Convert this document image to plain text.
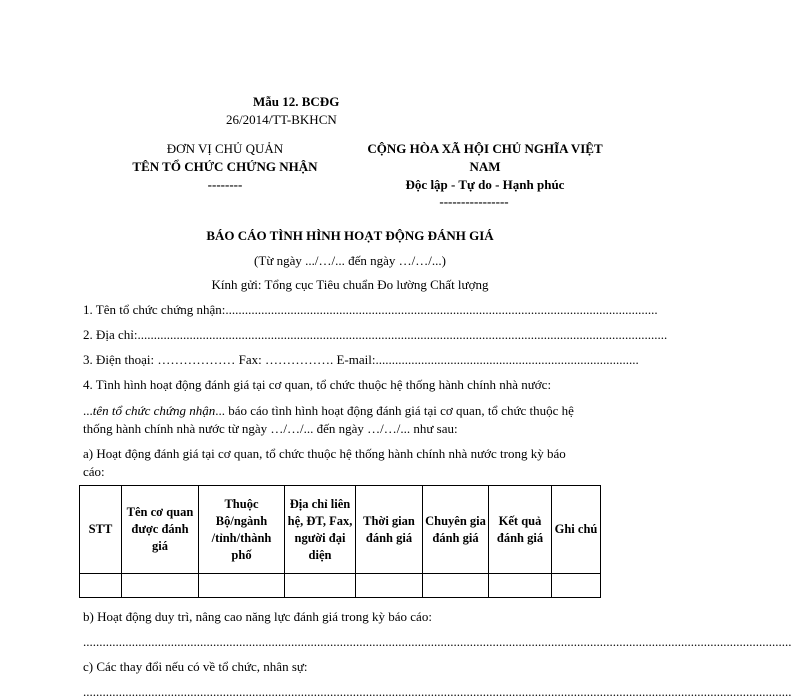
Mẫu 12. BCĐG
26/2014/TT-BKHCN
ĐƠN VỊ CHỦ QUẢN
TÊN TỔ CHỨC CHỨNG NHẬN
--------
CỘNG HÒA XÃ HỘI CHỦ NGHĨA VIỆT
NAM
Độc lập - Tự do - Hạnh phúc
----------------
BÁO CÁO TÌNH HÌNH HOẠT ĐỘNG ĐÁNH GIÁ
(Từ ngày .../…/... đến ngày …/…/...)
Kính gửi: Tổng cục Tiêu chuẩn Đo lường Chất lượng
1. Tên tổ chức chứng nhận:.....................................................................................................................................
2. Địa chỉ:...................................................................................................................................................................
3. Điện thoại: ……………… Fax: ……………. E-mail:.................................................................................
4. Tình hình hoạt động đánh giá tại cơ quan, tổ chức thuộc hệ thống hành chính nhà nước:
...tên tổ chức chứng nhận... báo cáo tình hình hoạt động đánh giá tại cơ quan, tổ chức thuộc hệ
thống hành chính nhà nước từ ngày …/…/... đến ngày …/…/... như sau:
a) Hoạt động đánh giá tại cơ quan, tổ chức thuộc hệ thống hành chính nhà nước trong kỳ báo
cáo:
STT	Tên cơ quan được đánh giá	Thuộc Bộ/ngành /tỉnh/thành phố	Địa chỉ liên hệ, ĐT, Fax, người đại diện	Thời gian đánh giá	Chuyên gia đánh giá	Kết quả đánh giá	Ghi chú

b) Hoạt động duy trì, nâng cao năng lực đánh giá trong kỳ báo cáo:
..........................................................................................................................................................................................................................
c) Các thay đổi nếu có về tổ chức, nhân sự:
..........................................................................................................................................................................................................................
